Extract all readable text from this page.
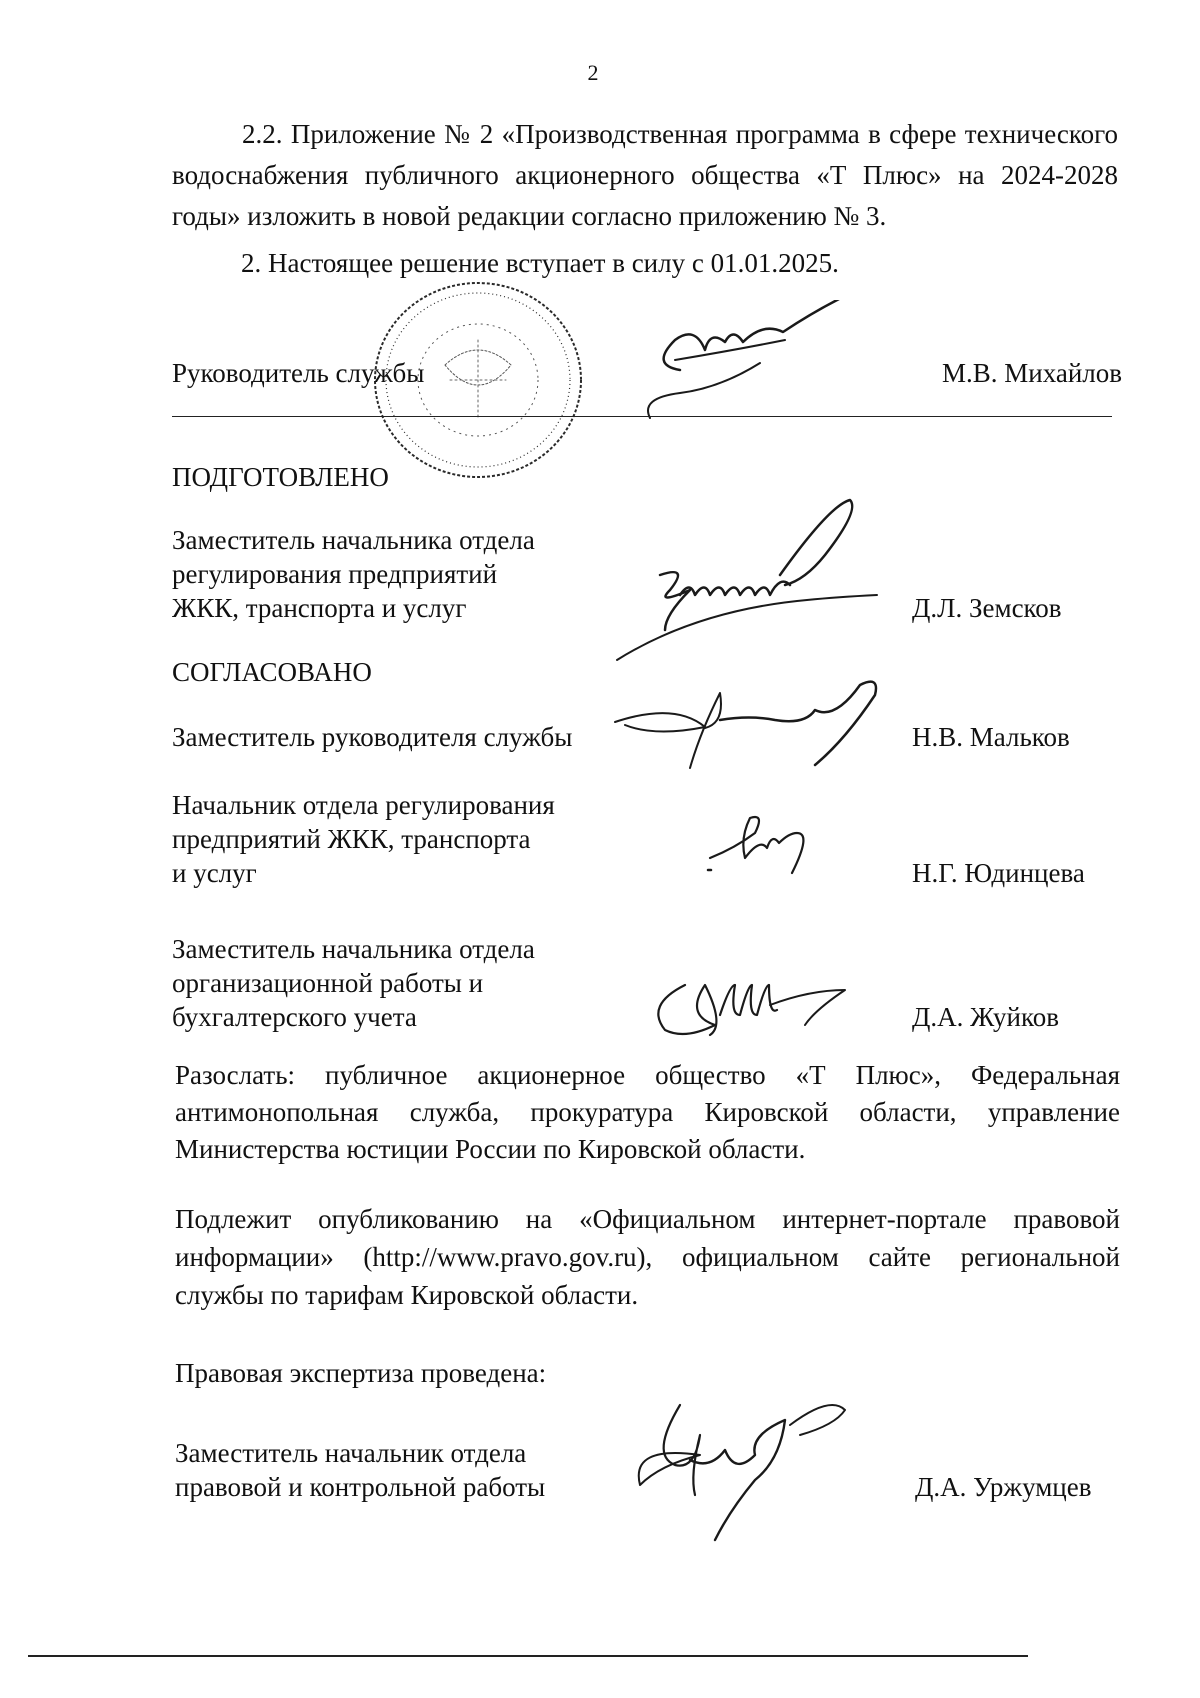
2
2.2. Приложение № 2 «Производственная программа в сфере технического водоснабжения публичного акционерного общества «Т Плюс» на 2024-2028 годы» изложить в новой редакции согласно приложению № 3.
2. Настоящее решение вступает в силу с 01.01.2025.
Руководитель службы	М.В. Михайлов
ПОДГОТОВЛЕНО
Заместитель начальника отдела
регулирования предприятий
ЖКК, транспорта и услуг	Д.Л. Земсков
СОГЛАСОВАНО
Заместитель руководителя службы	Н.В. Мальков
Начальник отдела регулирования
предприятий ЖКК, транспорта
и услуг	Н.Г. Юдинцева
Заместитель начальника отдела
организационной работы и
бухгалтерского учета	Д.А. Жуйков
Разослать: публичное акционерное общество «Т Плюс», Федеральная антимонопольная служба, прокуратура Кировской области, управление Министерства юстиции России по Кировской области.
Подлежит опубликованию на «Официальном интернет-портале правовой информации» (http://www.pravo.gov.ru), официальном сайте региональной службы по тарифам Кировской области.
Правовая экспертиза проведена:
Заместитель начальник отдела
правовой и контрольной работы	Д.А. Уржумцев
